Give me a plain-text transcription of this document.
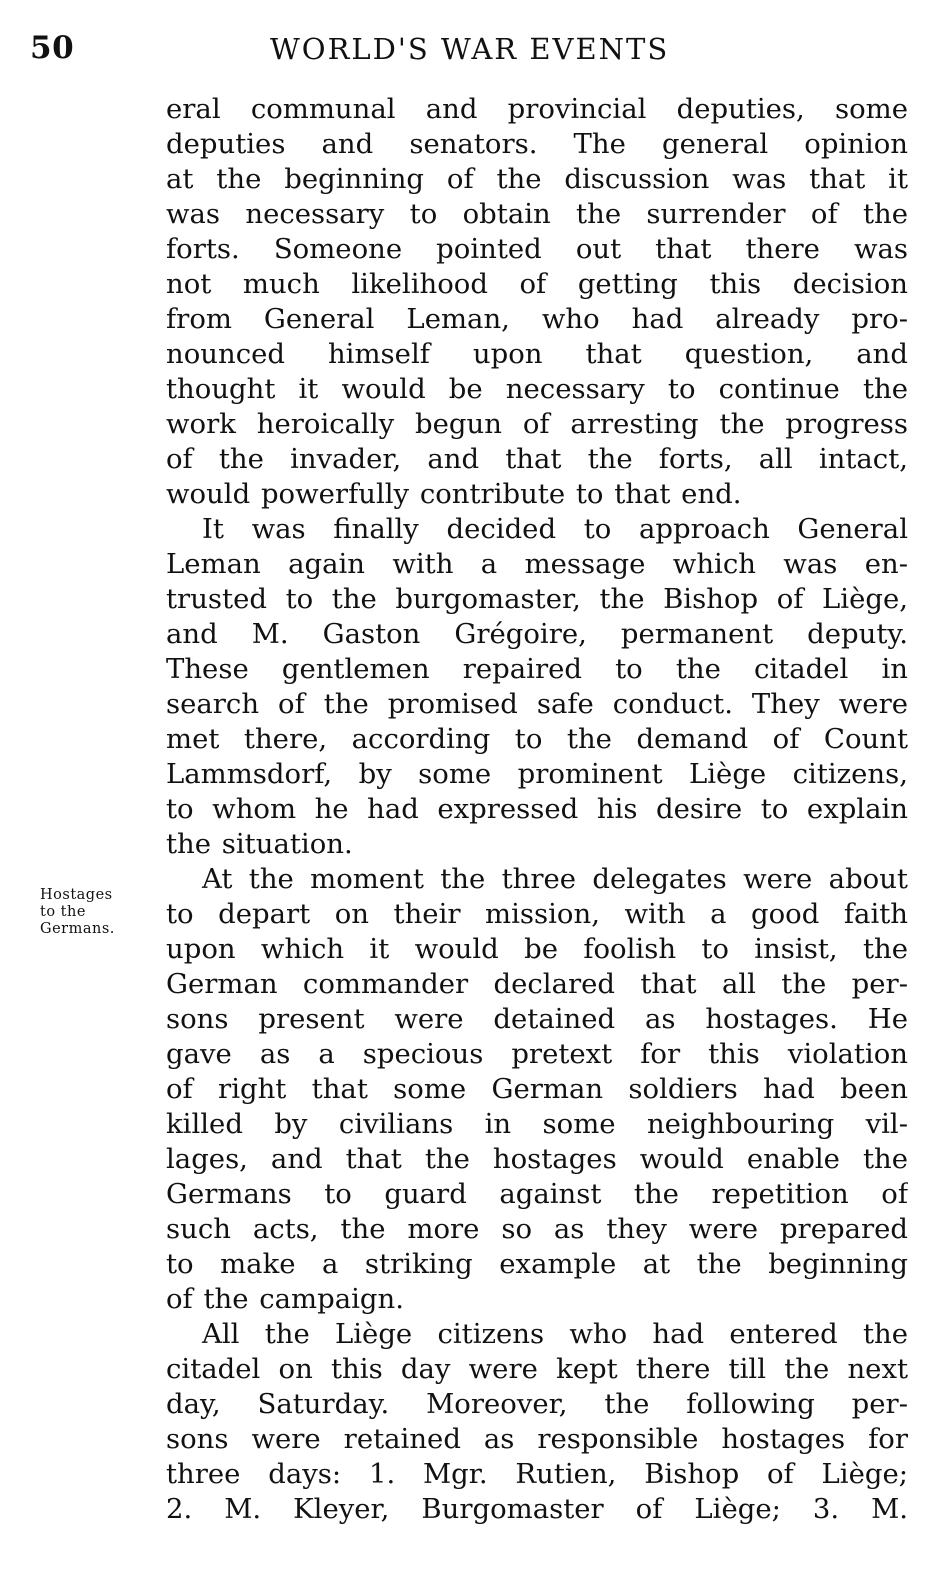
50	WORLD'S WAR EVENTS
Hostages
to the
Germans.
eral communal and provincial deputies, some
deputies and senators. The general opinion
at the beginning of the discussion was that it
was necessary to obtain the surrender of the
forts. Someone pointed out that there was
not much likelihood of getting this decision
from General Leman, who had already pro-
nounced himself upon that question, and
thought it would be necessary to continue the
work heroically begun of arresting the progress
of the invader, and that the forts, all intact,
would powerfully contribute to that end.
It was finally decided to approach General
Leman again with a message which was en-
trusted to the burgomaster, the Bishop of Liège,
and M. Gaston Grégoire, permanent deputy.
These gentlemen repaired to the citadel in
search of the promised safe conduct. They were
met there, according to the demand of Count
Lammsdorf, by some prominent Liège citizens,
to whom he had expressed his desire to explain
the situation.
At the moment the three delegates were about
to depart on their mission, with a good faith
upon which it would be foolish to insist, the
German commander declared that all the per-
sons present were detained as hostages. He
gave as a specious pretext for this violation
of right that some German soldiers had been
killed by civilians in some neighbouring vil-
lages, and that the hostages would enable the
Germans to guard against the repetition of
such acts, the more so as they were prepared
to make a striking example at the beginning
of the campaign.
All the Liège citizens who had entered the
citadel on this day were kept there till the next
day, Saturday. Moreover, the following per-
sons were retained as responsible hostages for
three days: 1. Mgr. Rutien, Bishop of Liège;
2. M. Kleyer, Burgomaster of Liège; 3. M.
